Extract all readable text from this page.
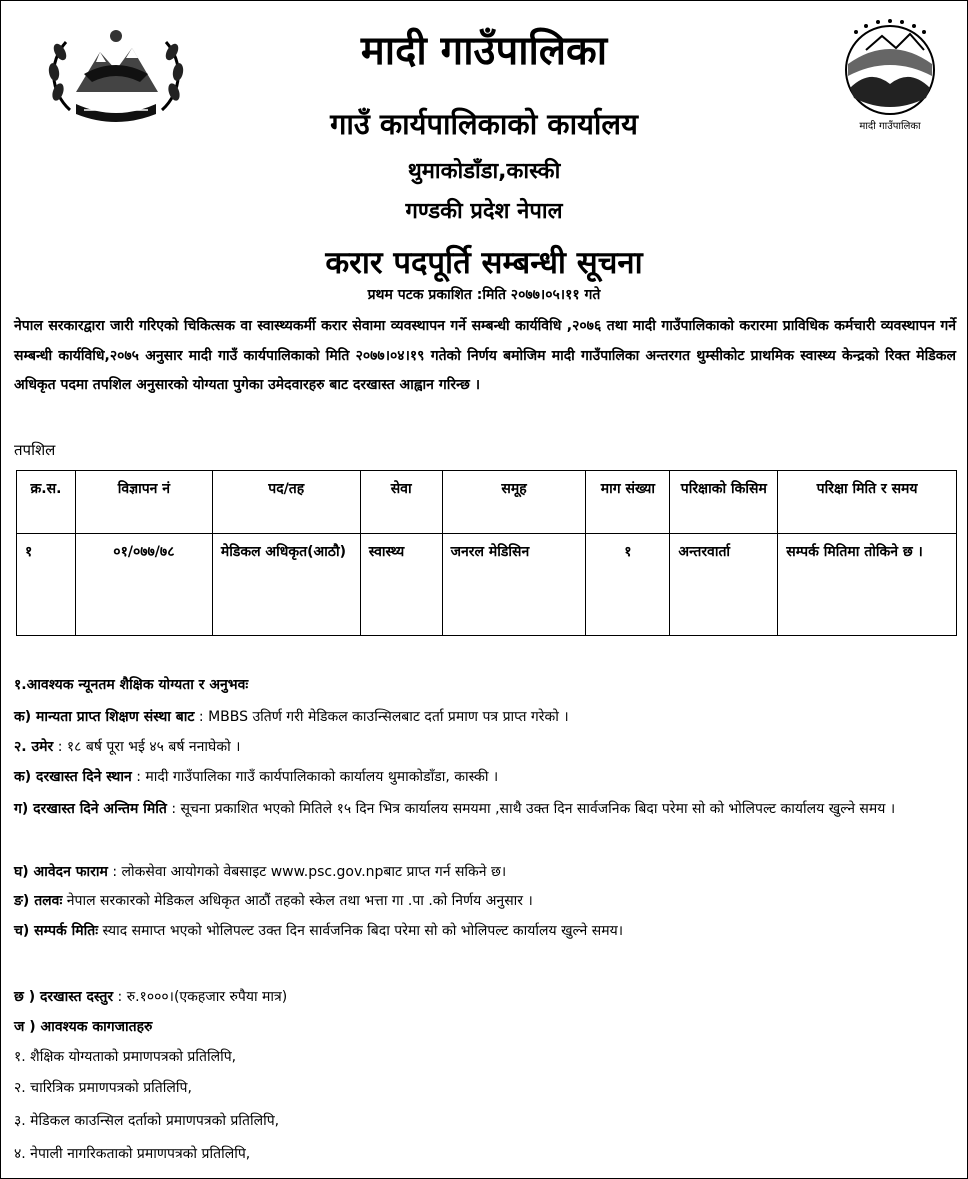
मादी गाउँपालिका
मादी गाउँपालिका
गाउँ कार्यपालिकाको कार्यालय
थुमाकोडाँडा,कास्की
गण्डकी प्रदेश नेपाल
करार पदपूर्ति सम्बन्धी सूचना
प्रथम पटक प्रकाशित :मिति २०७७।०५।११ गते
नेपाल सरकारद्वारा जारी गरिएको चिकित्सक वा स्वास्थ्यकर्मी करार सेवामा व्यवस्थापन गर्ने सम्बन्धी कार्यविधि ,२०७६ तथा मादी गाउँपालिकाको करारमा प्राविधिक कर्मचारी व्यवस्थापन गर्ने सम्बन्धी कार्यविधि,२०७५ अनुसार मादी गाउँ कार्यपालिकाको मिति २०७७।०४।१९ गतेको निर्णय बमोजिम मादी गाउँपालिका अन्तरगत थुम्सीकोट प्राथमिक स्वास्थ्य केन्द्रको रिक्त मेडिकल अधिकृत पदमा तपशिल अनुसारको योग्यता पुगेका उमेदवारहरु बाट दरखास्त आह्वान गरिन्छ ।
तपशिल
क्र.स.	विज्ञापन नं	पद/तह	सेवा	समूह	माग संख्या	परिक्षाको किसिम	परिक्षा मिति र समय
१	०१/०७७/७८	मेडिकल अधिकृत(आठौ)	स्वास्थ्य	जनरल मेडिसिन	१	अन्तरवार्ता	सम्पर्क मितिमा तोकिने छ ।
१.आवश्यक न्यूनतम शैक्षिक योग्यता र अनुभवः
क) मान्यता प्राप्त शिक्षण संस्था बाट : MBBS उतिर्ण गरी मेडिकल काउन्सिलबाट दर्ता प्रमाण पत्र प्राप्त गरेको ।
२. उमेर : १८ बर्ष पूरा भई ४५ बर्ष ननाघेको ।
क) दरखास्त दिने स्थान : मादी गाउँपालिका गाउँ कार्यपालिकाको कार्यालय थुमाकोडाँडा, कास्की ।
ग) दरखास्त दिने अन्तिम मिति : सूचना प्रकाशित भएको मितिले १५ दिन भित्र कार्यालय समयमा ,साथै उक्त दिन सार्वजनिक बिदा परेमा सो को भोलिपल्ट कार्यालय खुल्ने समय ।
घ) आवेदन फाराम : लोकसेवा आयोगको वेबसाइट www.psc.gov.npबाट प्राप्त गर्न सकिने छ।
ङ) तलवः नेपाल सरकारको मेडिकल अधिकृत आठौं तहको स्केल तथा भत्ता गा .पा .को निर्णय अनुसार ।
च) सम्पर्क मितिः स्याद समाप्त भएको भोलिपल्ट उक्त दिन सार्वजनिक बिदा परेमा सो को भोलिपल्ट कार्यालय खुल्ने समय।
छ ) दरखास्त दस्तुर : रु.१०००।(एकहजार रुपैया मात्र)
ज ) आवश्यक कागजातहरु
१. शैक्षिक योग्यताको प्रमाणपत्रको प्रतिलिपि,
२. चारित्रिक प्रमाणपत्रको प्रतिलिपि,
३. मेडिकल काउन्सिल दर्ताको प्रमाणपत्रको प्रतिलिपि,
४. नेपाली नागरिकताको प्रमाणपत्रको प्रतिलिपि,
